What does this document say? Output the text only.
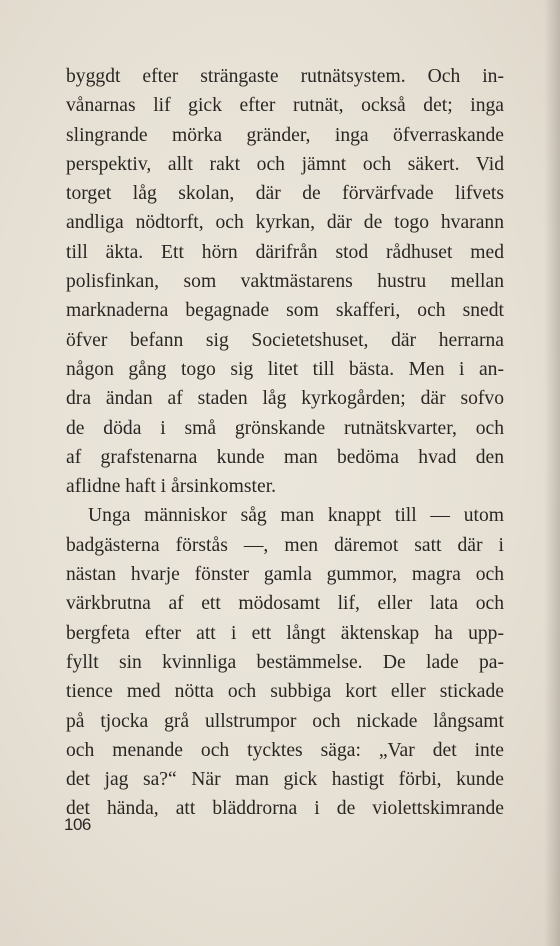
byggdt efter strängaste rutnätsystem. Och in-
vånarnas lif gick efter rutnät, också det; inga
slingrande mörka gränder, inga öfverraskande
perspektiv, allt rakt och jämnt och säkert. Vid
torget låg skolan, där de förvärfvade lifvets
andliga nödtorft, och kyrkan, där de togo hvarann
till äkta. Ett hörn därifrån stod rådhuset med
polisfinkan, som vaktmästarens hustru mellan
marknaderna begagnade som skafferi, och snedt
öfver befann sig Societetshuset, där herrarna
någon gång togo sig litet till bästa. Men i an-
dra ändan af staden låg kyrkogården; där sofvo
de döda i små grönskande rutnätskvarter, och
af grafstenarna kunde man bedöma hvad den
aflidne haft i årsinkomster.
Unga människor såg man knappt till — utom
badgästerna förstås —, men däremot satt där i
nästan hvarje fönster gamla gummor, magra och
värkbrutna af ett mödosamt lif, eller lata och
bergfeta efter att i ett långt äktenskap ha upp-
fyllt sin kvinnliga bestämmelse. De lade pa-
tience med nötta och subbiga kort eller stickade
på tjocka grå ullstrumpor och nickade långsamt
och menande och tycktes säga: „Var det inte
det jag sa?“ När man gick hastigt förbi, kunde
det hända, att bläddrorna i de violettskimrande
106
